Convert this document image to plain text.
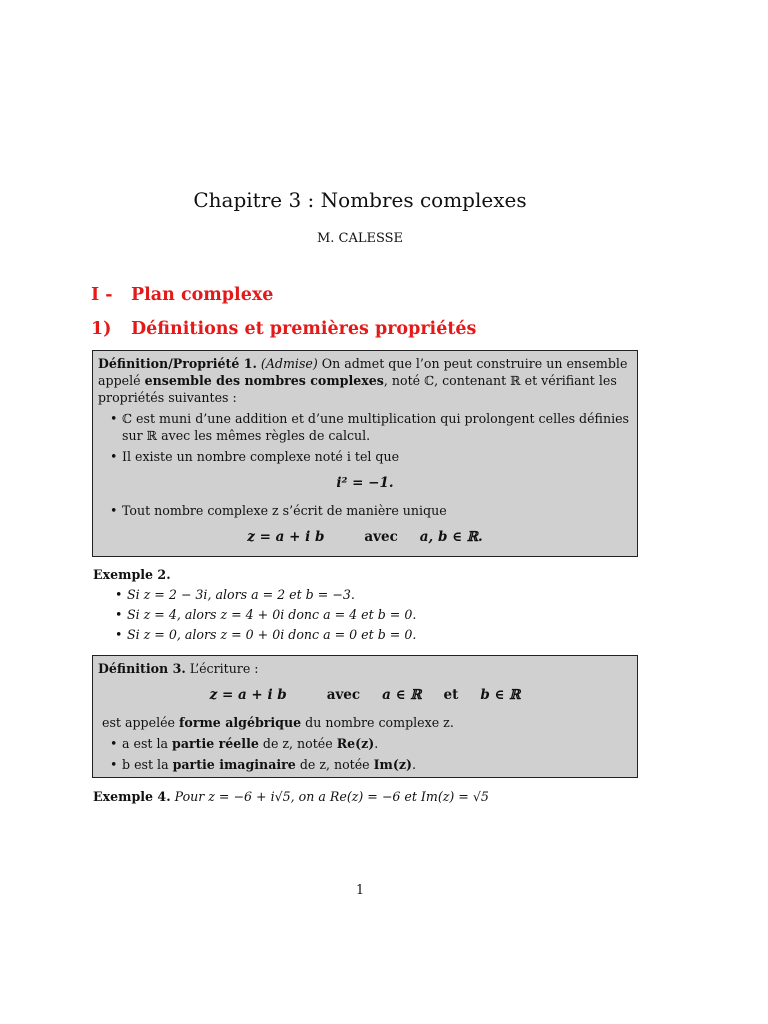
Chapitre 3 : Nombres complexes
M. CALESSE
I - Plan complexe
1) Définitions et premières propriétés
Définition/Propriété 1. (Admise) On admet que l’on peut construire un ensemble appelé ensemble des nombres complexes, noté ℂ, contenant ℝ et vérifiant les propriétés suivantes :
• ℂ est muni d’une addition et d’une multiplication qui prolongent celles définies sur ℝ avec les mêmes règles de calcul.
• Il existe un nombre complexe noté i tel que
i² = −1.
• Tout nombre complexe z s’écrit de manière unique
z = a + i b	avec a, b ∈ ℝ.
Exemple 2.
• Si z = 2 − 3i, alors a = 2 et b = −3.
• Si z = 4, alors z = 4 + 0i donc a = 4 et b = 0.
• Si z = 0, alors z = 0 + 0i donc a = 0 et b = 0.
Définition 3. L’écriture :
z = a + i b	avec a ∈ ℝ et b ∈ ℝ
est appelée forme algébrique du nombre complexe z.
• a est la partie réelle de z, notée Re(z).
• b est la partie imaginaire de z, notée Im(z).
Exemple 4. Pour z = −6 + i√5, on a Re(z) = −6 et Im(z) = √5
1
